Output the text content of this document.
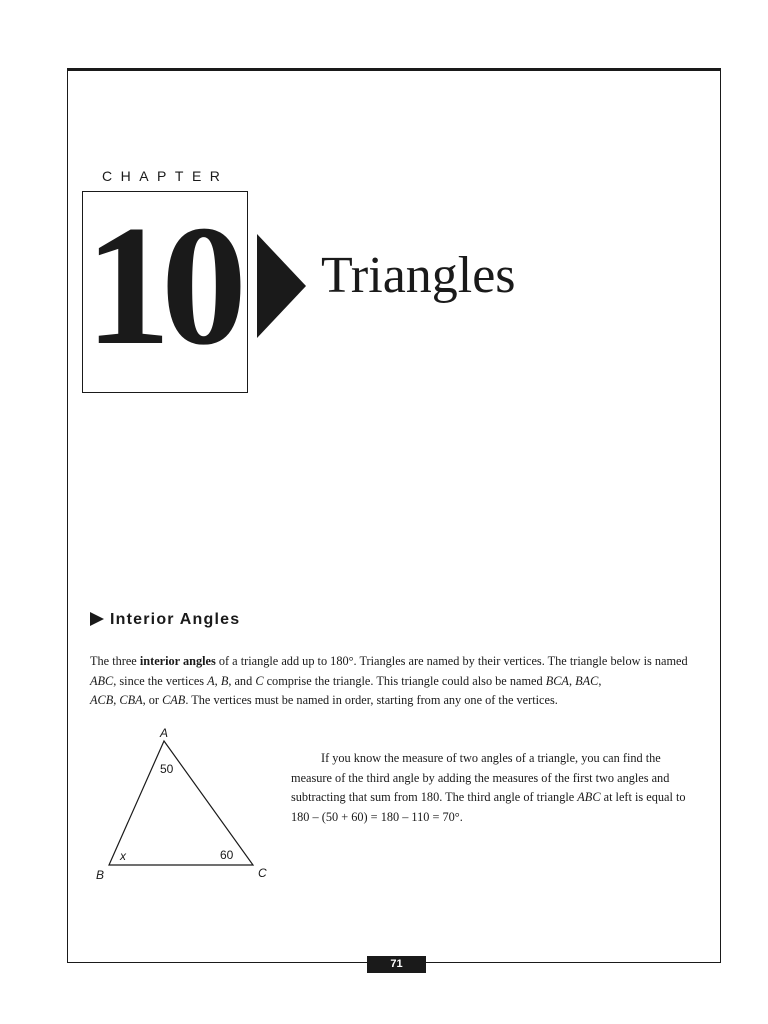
CHAPTER
10	Triangles
Interior Angles

The three interior angles of a triangle add up to 180°. Triangles are named by their vertices. The triangle below is named ABC, since the vertices A, B, and C comprise the triangle. This triangle could also be named BCA, BAC,
ACB, CBA, or CAB. The vertices must be named in order, starting from any one of the vertices.

A
B	C
50
x	60

If you know the measure of two angles of a triangle, you can find the measure of the third angle by adding the measures of the first two angles and subtracting that sum from 180. The third angle of triangle ABC at left is equal to 180 – (50 + 60) = 180 – 110 = 70°.

71
